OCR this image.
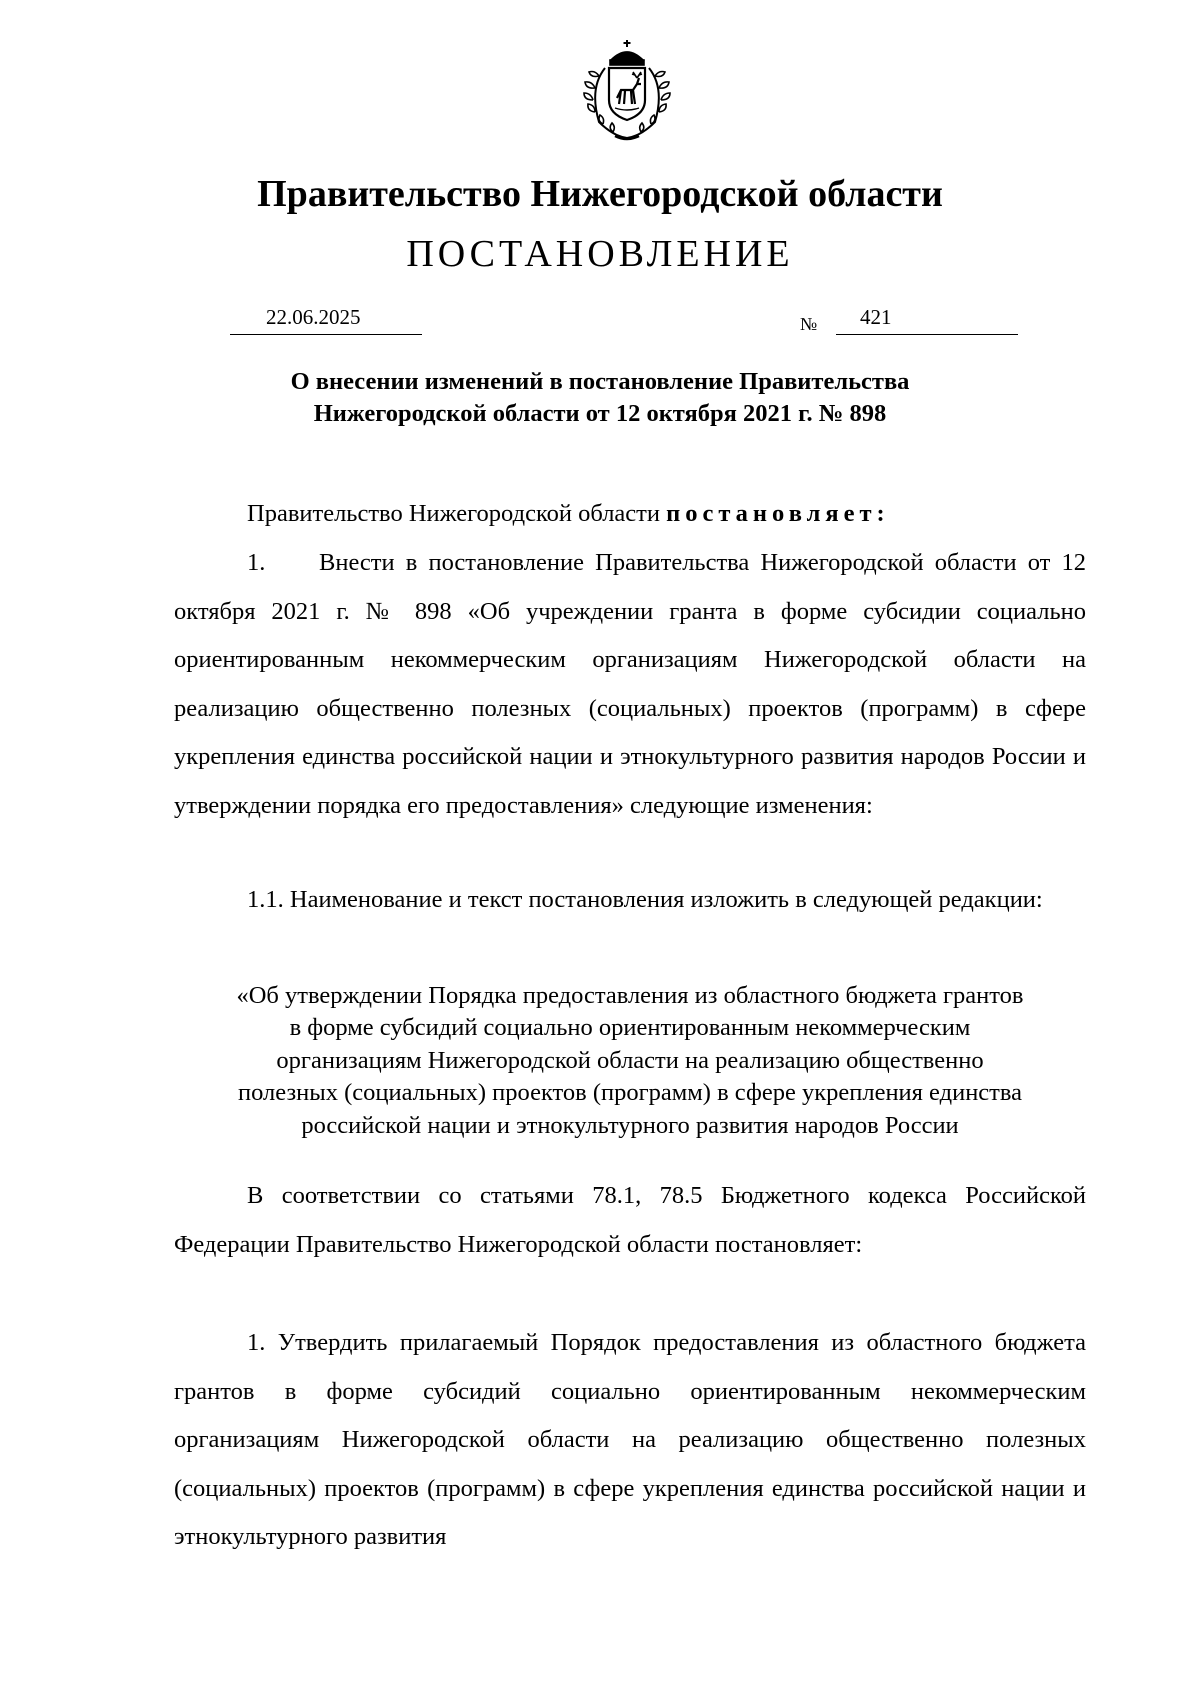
Правительство Нижегородской области
ПОСТАНОВЛЕНИЕ
22.06.2025	№ 421
О внесении изменений в постановление Правительства
Нижегородской области от 12 октября 2021 г. № 898
Правительство Нижегородской области постановляет:
1. Внести в постановление Правительства Нижегородской области от 12 октября 2021 г. № 898 «Об учреждении гранта в форме субсидии социально ориентированным некоммерческим организациям Нижегородской области на реализацию общественно полезных (социальных) проектов (программ) в сфере укрепления единства российской нации и этнокультурного развития народов России и утверждении порядка его предоставления» следующие изменения:
1.1. Наименование и текст постановления изложить в следующей редакции:
«Об утверждении Порядка предоставления из областного бюджета грантов
в форме субсидий социально ориентированным некоммерческим
организациям Нижегородской области на реализацию общественно
полезных (социальных) проектов (программ) в сфере укрепления единства
российской нации и этнокультурного развития народов России
В соответствии со статьями 78.1, 78.5 Бюджетного кодекса Российской Федерации Правительство Нижегородской области постановляет:
1. Утвердить прилагаемый Порядок предоставления из областного бюджета грантов в форме субсидий социально ориентированным некоммерческим организациям Нижегородской области на реализацию общественно полезных (социальных) проектов (программ) в сфере укрепления единства российской нации и этнокультурного развития
